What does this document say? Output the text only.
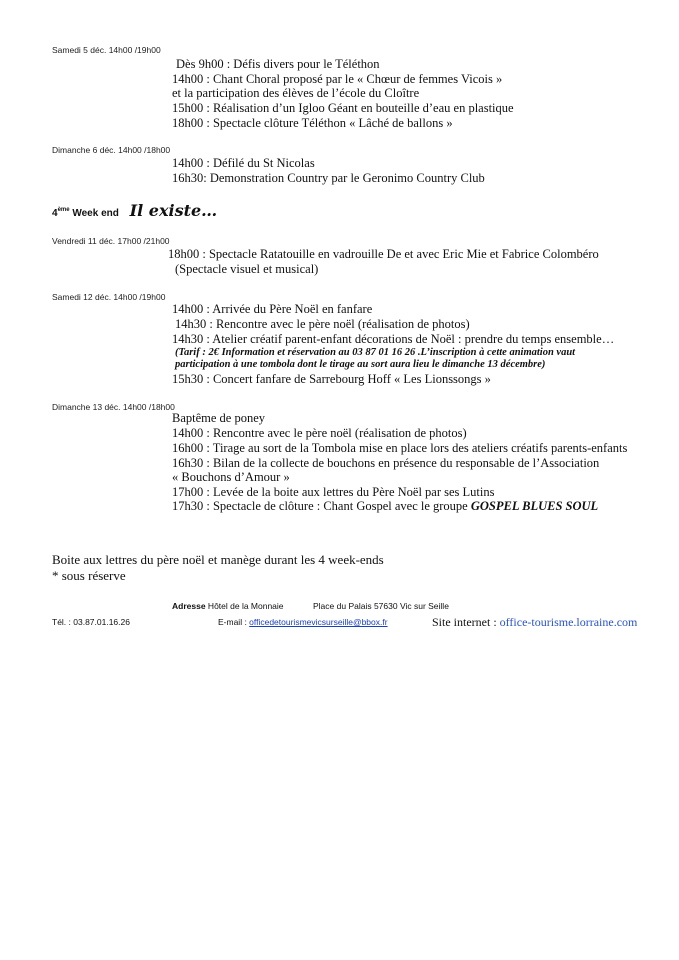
Samedi 5 déc. 14h00 /19h00
Dès 9h00 : Défis divers pour le Téléthon
14h00 : Chant Choral proposé par le « Chœur de femmes Vicois »
et la participation des élèves de l’école du Cloître
15h00 : Réalisation d’un Igloo Géant en bouteille d’eau en plastique
18h00 : Spectacle clôture Téléthon « Lâché de ballons »
Dimanche 6 déc. 14h00 /18h00
14h00 : Défilé du St Nicolas
16h30: Demonstration Country par le Geronimo Country Club
4ème Week end Il existe…
Vendredi 11 déc. 17h00 /21h00
18h00 : Spectacle Ratatouille en vadrouille De et avec Eric Mie et Fabrice Colombéro
(Spectacle visuel et musical)
Samedi 12 déc. 14h00 /19h00
14h00 : Arrivée du Père Noël en fanfare
14h30 : Rencontre avec le père noël (réalisation de photos)
14h30 : Atelier créatif parent-enfant décorations de Noël : prendre du temps ensemble…
(Tarif : 2€ Information et réservation au 03 87 01 16 26 .L’inscription à cette animation vaut
participation à une tombola dont le tirage au sort aura lieu le dimanche 13 décembre)
15h30 : Concert fanfare de Sarrebourg Hoff « Les Lionssongs »
Dimanche 13 déc. 14h00 /18h00
Baptême de poney
14h00 : Rencontre avec le père noël (réalisation de photos)
16h00 : Tirage au sort de la Tombola mise en place lors des ateliers créatifs parents-enfants
16h30 : Bilan de la collecte de bouchons en présence du responsable de l’Association
« Bouchons d’Amour »
17h00 : Levée de la boite aux lettres du Père Noël par ses Lutins
17h30 : Spectacle de clôture : Chant Gospel avec le groupe GOSPEL BLUES SOUL
Boite aux lettres du père noël et manège durant les 4 week-ends
* sous réserve
Adresse Hôtel de la Monnaie	Place du Palais 57630 Vic sur Seille
Tél. : 03.87.01.16.26	E-mail : officedetourismevicsurseille@bbox.fr	Site internet : office-tourisme.lorraine.com
